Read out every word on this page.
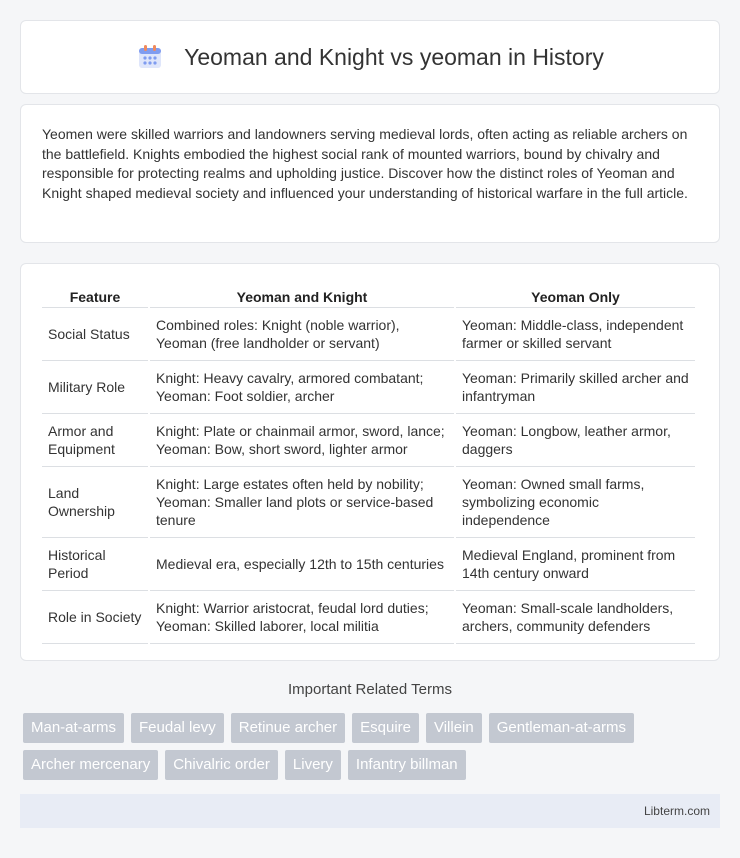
Yeoman and Knight vs yeoman in History

Yeomen were skilled warriors and landowners serving medieval lords, often acting as reliable archers on the battlefield. Knights embodied the highest social rank of mounted warriors, bound by chivalry and responsible for protecting realms and upholding justice. Discover how the distinct roles of Yeoman and Knight shaped medieval society and influenced your understanding of historical warfare in the full article.

Feature	Yeoman and Knight	Yeoman Only
Social Status	Combined roles: Knight (noble warrior), Yeoman (free landholder or servant)	Yeoman: Middle-class, independent farmer or skilled servant
Military Role	Knight: Heavy cavalry, armored combatant; Yeoman: Foot soldier, archer	Yeoman: Primarily skilled archer and infantryman
Armor and Equipment	Knight: Plate or chainmail armor, sword, lance; Yeoman: Bow, short sword, lighter armor	Yeoman: Longbow, leather armor, daggers
Land Ownership	Knight: Large estates often held by nobility; Yeoman: Smaller land plots or service-based tenure	Yeoman: Owned small farms, symbolizing economic independence
Historical Period	Medieval era, especially 12th to 15th centuries	Medieval England, prominent from 14th century onward
Role in Society	Knight: Warrior aristocrat, feudal lord duties; Yeoman: Skilled laborer, local militia	Yeoman: Small-scale landholders, archers, community defenders
Important Related Terms
Man-at-arms	Feudal levy	Retinue archer	Esquire	Villein	Gentleman-at-arms
Archer mercenary	Chivalric order	Livery	Infantry billman
Libterm.com
